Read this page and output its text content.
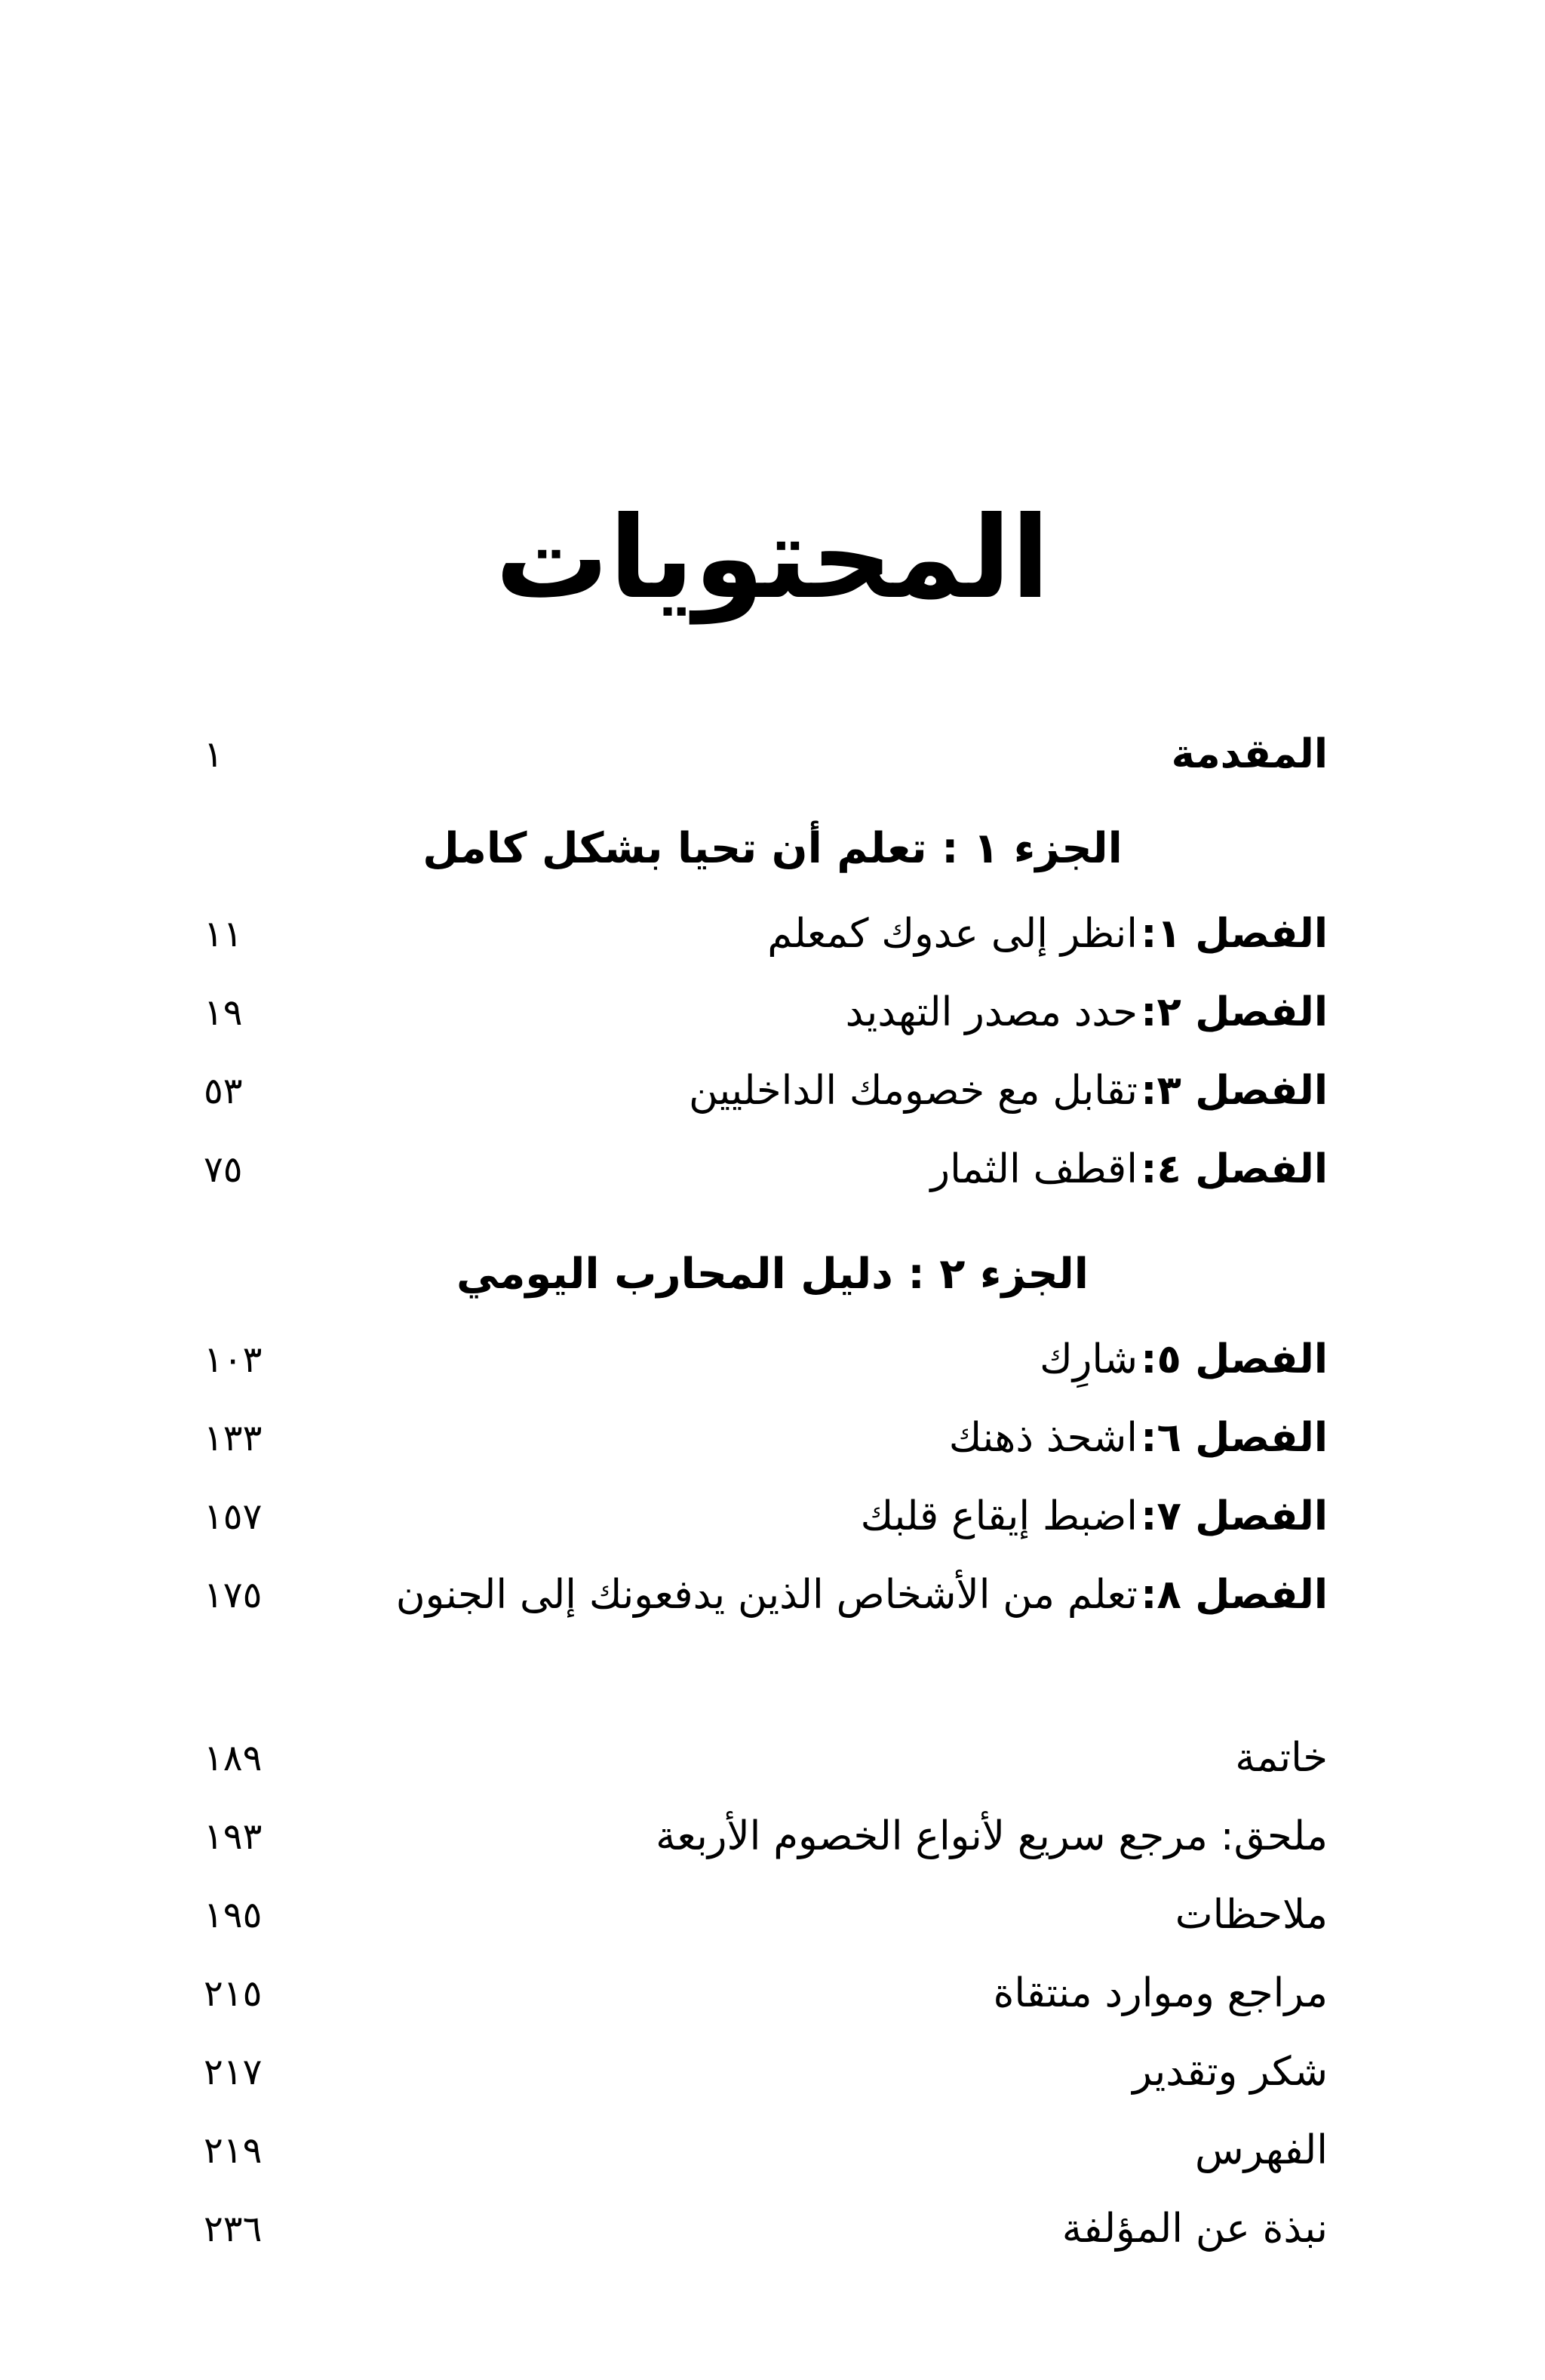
المحتويات
المقدمة
١
الجزء ١ : تعلم أن تحيا بشكل كامل
الفصل ١:
انظر إلى عدوك كمعلم
١١
الفصل ٢:
حدد مصدر التهديد
١٩
الفصل ٣:
تقابل مع خصومك الداخليين
٥٣
الفصل ٤:
اقطف الثمار
٧٥
الجزء ٢ : دليل المحارب اليومي
الفصل ٥:
شارِك
١٠٣
الفصل ٦:
اشحذ ذهنك
١٣٣
الفصل ٧:
اضبط إيقاع قلبك
١٥٧
الفصل ٨:
تعلم من الأشخاص الذين يدفعونك إلى الجنون
١٧٥
خاتمة
١٨٩
ملحق: مرجع سريع لأنواع الخصوم الأربعة
١٩٣
ملاحظات
١٩٥
مراجع وموارد منتقاة
٢١٥
شكر وتقدير
٢١٧
الفهرس
٢١٩
نبذة عن المؤلفة
٢٣٦
